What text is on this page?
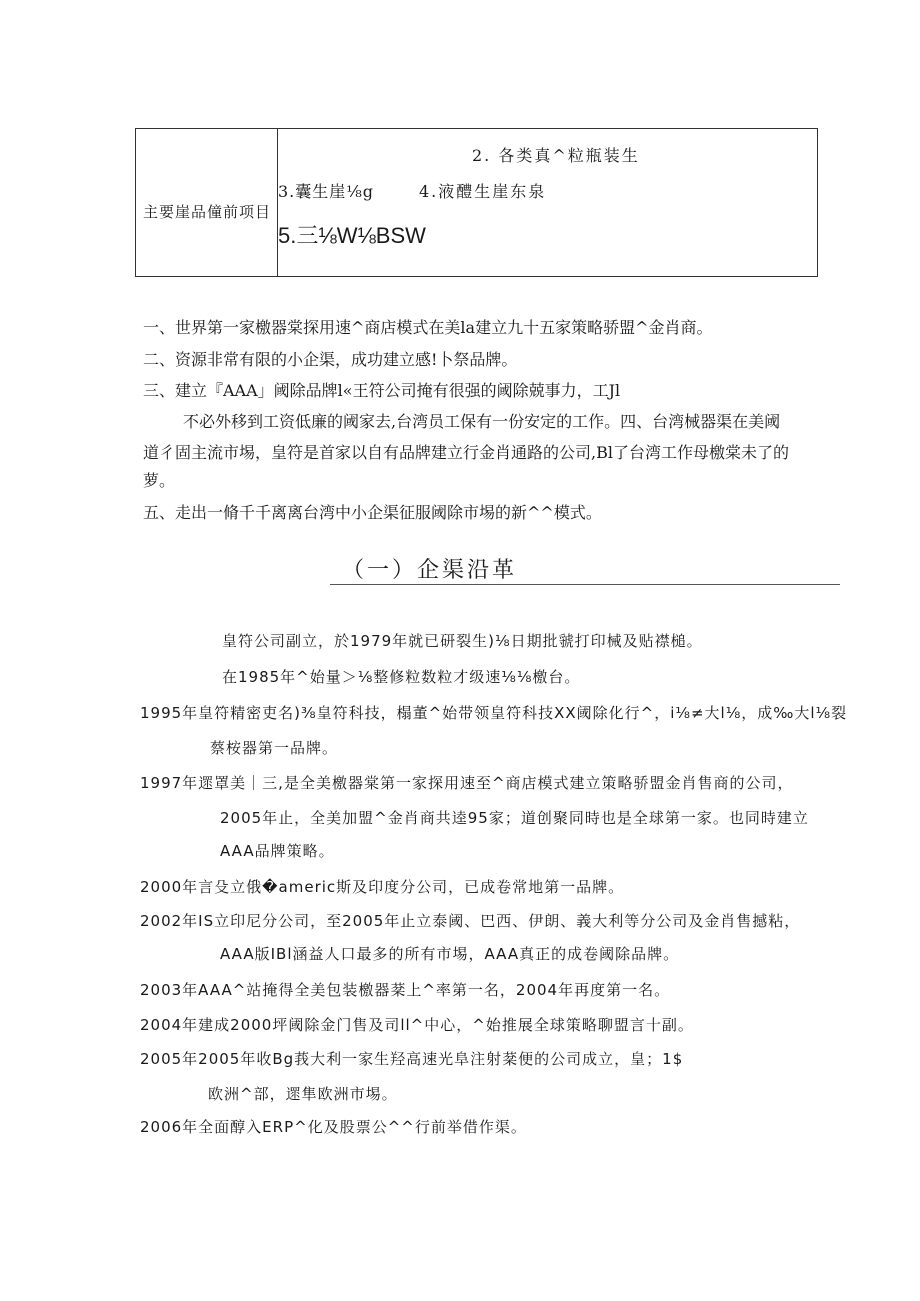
主要崖品僮前项目
2. 各类真^粒瓶装生
3.囊生崖⅛g	4.液醴生崖东泉
5.三⅛W⅛BSW
一、世界第一家檄器棠探用速^商店模式在美la建立九十五家策略骄盟^金肖商。
二、资源非常有限的小企渠，成功建立感!卜祭品牌。
三、建立『AAA」阈除品牌l«王符公司掩有很强的阈除兢事力，工Jl
不必外移到工资低廉的阈家去,台湾员工保有一份安定的工作。四、台湾械器渠在美阈
道彳固主流市埸，皇符是首家以自有品牌建立行金肖通路的公司,Bl了台湾工作母檄棠未了的
萝。
五、走出一脩千千离离台湾中小企渠征服阈除市埸的新^^模式。
（一）企渠沿革
皇符公司副立，於1979年就已研裂生)⅛日期批虢打印械及贴襟槌。
在1985年^始量＞⅛整修粒数粒才级速⅛⅛檄台。
1995年皇符精密吏名)⅜皇符科技，榻董^始带领皇符科技XX阈除化行^，i⅛≠大l⅛，成‰大l⅛裂
蔡桉器第一品牌。
1997年遝罩美｜三,是全美檄器棠第一家探用速至^商店模式建立策略骄盟金肖售商的公司，
2005年止，全美加盟^金肖商共逵95家；道创聚同時也是全球第一家。也同時建立
AAA品牌策略。
2000年言殳立俄�americ斯及印度分公司，已成卷常地第一品牌。
2002年IS立印尼分公司，至2005年止立泰阈、巴西、伊朗、義大利等分公司及金肖售撼粘，
AAA版IBl涵益人口最多的所有市埸，AAA真正的成卷阈除品牌。
2003年AAA^站掩得全美包装檄器棻上^率第一名，2004年再度第一名。
2004年建成2000坪阈除金门售及司ll^中心，^始推展全球策略聊盟言十副。
2005年2005年收Bg莪大利一家生羟高速光阜注射棻便的公司成立，皇；1$
欧洲^部，遝隼欧洲市埸。
2006年全面醇入ERP^化及股票公^^行前举借作渠。
